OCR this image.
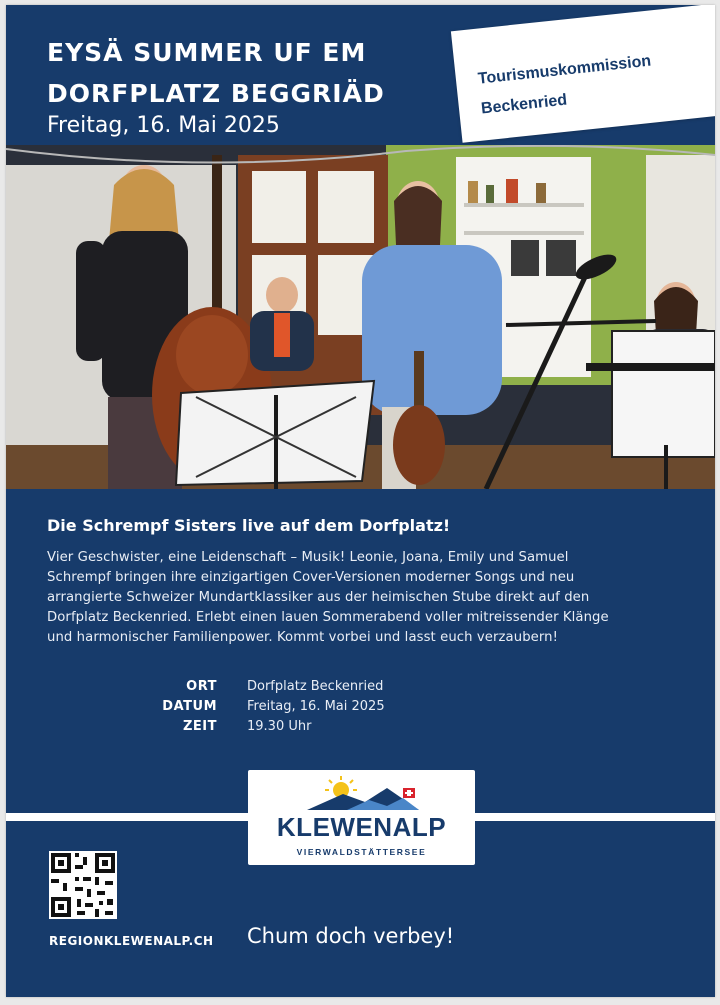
EYSÄ SUMMER UF EM
DORFPLATZ BEGGRIÄD
Freitag, 16. Mai 2025
Tourismuskommission
Beckenried
Die Schrempf Sisters live auf dem Dorfplatz!

Vier Geschwister, eine Leidenschaft – Musik! Leonie, Joana, Emily und Samuel
Schrempf bringen ihre einzigartigen Cover-Versionen moderner Songs und neu
arrangierte Schweizer Mundartklassiker aus der heimischen Stube direkt auf den
Dorfplatz Beckenried. Erlebt einen lauen Sommerabend voller mitreissender Klänge
und harmonischer Familienpower. Kommt vorbei und lasst euch verzaubern!

ORT Dorfplatz Beckenried
DATUM Freitag, 16. Mai 2025
ZEIT 19.30 Uhr
REGIONKLEWENALP.CH Chum doch verbey!
KLEWENALP
VIERWALDSTÄTTERSEE
